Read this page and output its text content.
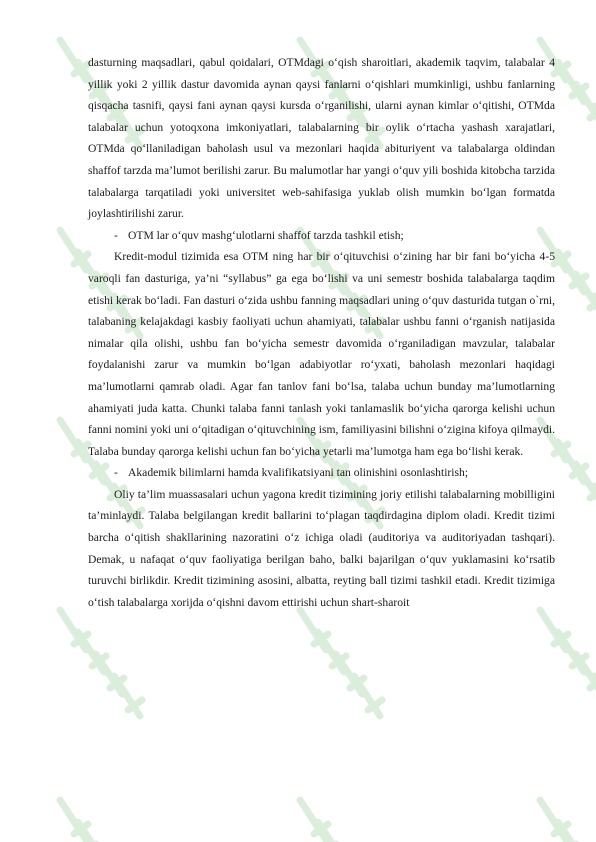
dasturning maqsadlari, qabul qoidalari, OTMdagi o‘qish sharoitlari, akademik taqvim, talabalar 4 yillik yoki 2 yillik dastur davomida aynan qaysi fanlarni o‘qishlari mumkinligi, ushbu fanlarning qisqacha tasnifi, qaysi fani aynan qaysi kursda o‘rganilishi, ularni aynan kimlar o‘qitishi, OTMda talabalar uchun yotoqxona imkoniyatlari, talabalarning bir oylik o‘rtacha yashash xarajatlari, OTMda qo‘llaniladigan baholash usul va mezonlari haqida abituriyent va talabalarga oldindan shaffof tarzda ma’lumot berilishi zarur. Bu malumotlar har yangi o‘quv yili boshida kitobcha tarzida talabalarga tarqatiladi yoki universitet web-sahifasiga yuklab olish mumkin bo‘lgan formatda joylashtirilishi zarur.

- OTM lar o‘quv mashg‘ulotlarni shaffof tarzda tashkil etish;

Kredit-modul tizimida esa OTM ning har bir o‘qituvchisi o‘zining har bir fani bo‘yicha 4-5 varoqli fan dasturiga, ya’ni “syllabus” ga ega bo‘lishi va uni semestr boshida talabalarga taqdim etishi kerak bo‘ladi. Fan dasturi o‘zida ushbu fanning maqsadlari uning o‘quv dasturida tutgan o`rni, talabaning kelajakdagi kasbiy faoliyati uchun ahamiyati, talabalar ushbu fanni o‘rganish natijasida nimalar qila olishi, ushbu fan bo‘yicha semestr davomida o‘rganiladigan mavzular, talabalar foydalanishi zarur va mumkin bo‘lgan adabiyotlar ro‘yxati, baholash mezonlari haqidagi ma’lumotlarni qamrab oladi. Agar fan tanlov fani bo‘lsa, talaba uchun bunday ma’lumotlarning ahamiyati juda katta. Chunki talaba fanni tanlash yoki tanlamaslik bo‘yicha qarorga kelishi uchun fanni nomini yoki uni o‘qitadigan o‘qituvchining ism, familiyasini bilishni o‘zigina kifoya qilmaydi. Talaba bunday qarorga kelishi uchun fan bo‘yicha yetarli ma’lumotga ham ega bo‘lishi kerak.

- Akademik bilimlarni hamda kvalifikatsiyani tan olinishini osonlashtirish;

Oliy ta’lim muassasalari uchun yagona kredit tizimining joriy etilishi talabalarning mobilligini ta’minlaydi. Talaba belgilangan kredit ballarini to‘plagan taqdirdagina diplom oladi. Kredit tizimi barcha o‘qitish shakllarining nazoratini o‘z ichiga oladi (auditoriya va auditoriyadan tashqari). Demak, u nafaqat o‘quv faoliyatiga berilgan baho, balki bajarilgan o‘quv yuklamasini ko‘rsatib turuvchi birlikdir. Kredit tizimining asosini, albatta, reyting ball tizimi tashkil etadi. Kredit tizimiga o‘tish talabalarga xorijda o‘qishni davom ettirishi uchun shart-sharoit
